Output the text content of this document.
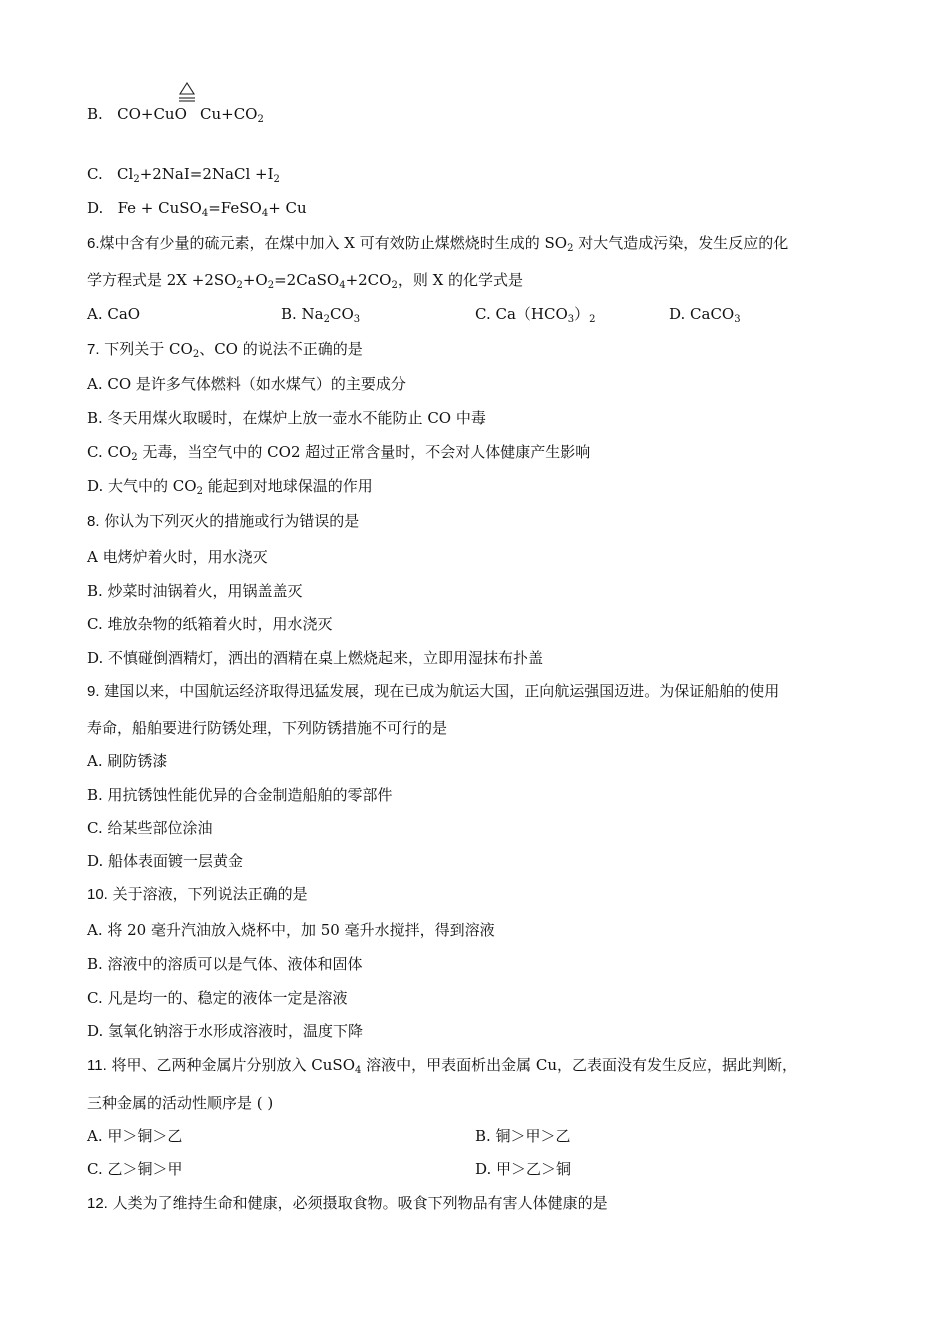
B. CO+CuO $Cu+CO_2$
C. $Cl_2+2NaI=2NaCl +I_2$
D. Fe + CuSO$_4$=FeSO$_4$+ Cu
6.煤中含有少量的硫元素，在煤中加入 X 可有效防止煤燃烧时生成的 $SO_2$ 对大气造成污染，发生反应的化
学方程式是 $2X +2SO_2+O_2=2CaSO_4+2CO_2$，则 X 的化学式是
A. CaO	B. $Na_2CO_3$	C. $Ca(HCO_3)_2$	D. CaCO$_3$
7. 下列关于 $CO_2$、CO 的说法不正确的是
A. CO 是许多气体燃料（如水煤气）的主要成分
B. 冬天用煤火取暖时，在煤炉上放一壶水不能防止 CO 中毒
C. $CO_2$ 无毒，当空气中的 CO2 超过正常含量时，不会对人体健康产生影响
D. 大气中的 $CO_2$ 能起到对地球保温的作用
8. 你认为下列灭火的措施或行为错误的是
A 电烤炉着火时，用水浇灭
B. 炒菜时油锅着火，用锅盖盖灭
C. 堆放杂物的纸箱着火时，用水浇灭
D. 不慎碰倒酒精灯，洒出的酒精在桌上燃烧起来，立即用湿抹布扑盖
9. 建国以来，中国航运经济取得迅猛发展，现在已成为航运大国，正向航运强国迈进。为保证船舶的使用
寿命，船舶要进行防锈处理，下列防锈措施不可行的是
A. 刷防锈漆
B. 用抗锈蚀性能优异的合金制造船舶的零部件
C. 给某些部位涂油
D. 船体表面镀一层黄金
10. 关于溶液，下列说法正确的是
A. 将 20 毫升汽油放入烧杯中，加 50 毫升水搅拌，得到溶液
B. 溶液中的溶质可以是气体、液体和固体
C. 凡是均一的、稳定的液体一定是溶液
D. 氢氧化钠溶于水形成溶液时，温度下降
11. 将甲、乙两种金属片分别放入 CuSO$_4$ 溶液中，甲表面析出金属 Cu，乙表面没有发生反应，据此判断，
三种金属的活动性顺序是 ( )
A. 甲＞铜＞乙	B. 铜＞甲＞乙
C. 乙＞铜＞甲	D. 甲＞乙＞铜
12. 人类为了维持生命和健康，必须摄取食物。吸食下列物品有害人体健康的是
